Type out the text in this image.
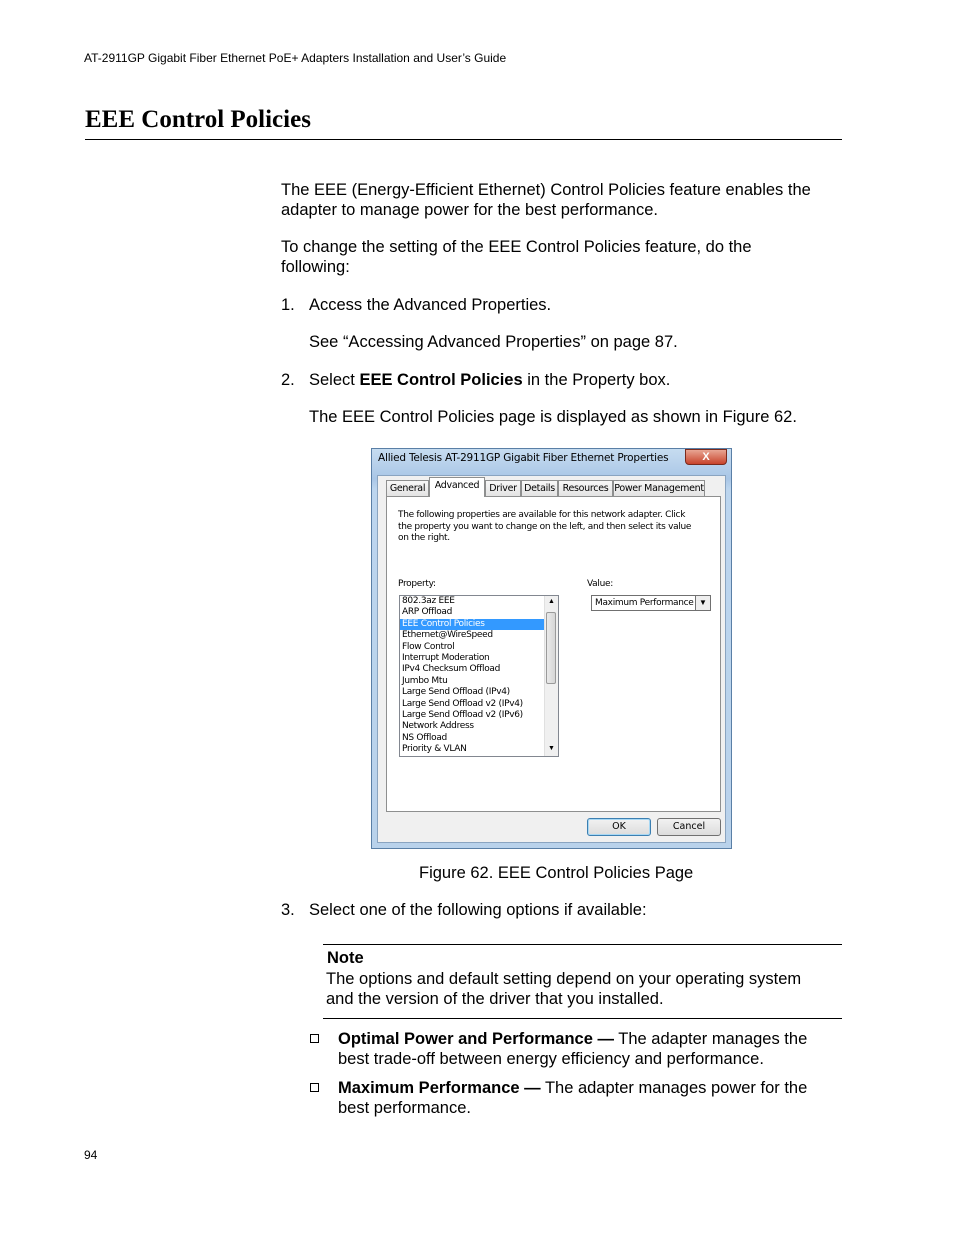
AT-2911GP Gigabit Fiber Ethernet PoE+ Adapters Installation and User’s Guide
EEE Control Policies
The EEE (Energy-Efficient Ethernet) Control Policies feature enables the
adapter to manage power for the best performance.
To change the setting of the EEE Control Policies feature, do the
following:
1. Access the Advanced Properties.
See “Accessing Advanced Properties” on page 87.
2. Select EEE Control Policies in the Property box.
The EEE Control Policies page is displayed as shown in Figure 62.
Allied Telesis AT-2911GP Gigabit Fiber Ethernet Properties	X
General	Advanced	Driver Details Resources Power Management
The following properties are available for this network adapter. Click
the property you want to change on the left, and then select its value
on the right.
Property:	Value:
802.3az EEE
ARP Offload
EEE Control Policies
Ethernet@WireSpeed
Flow Control
Interrupt Moderation
IPv4 Checksum Offload
Jumbo Mtu
Large Send Offload (IPv4)
Large Send Offload v2 (IPv4)
Large Send Offload v2 (IPv6)
Network Address
NS Offload
Priority & VLAN
▲
▼
Maximum Performance ▼
OK	Cancel
Figure 62. EEE Control Policies Page
3. Select one of the following options if available:
Note
The options and default setting depend on your operating system
and the version of the driver that you installed.
Optimal Power and Performance — The adapter manages the
best trade-off between energy efficiency and performance.
Maximum Performance — The adapter manages power for the
best performance.
94
